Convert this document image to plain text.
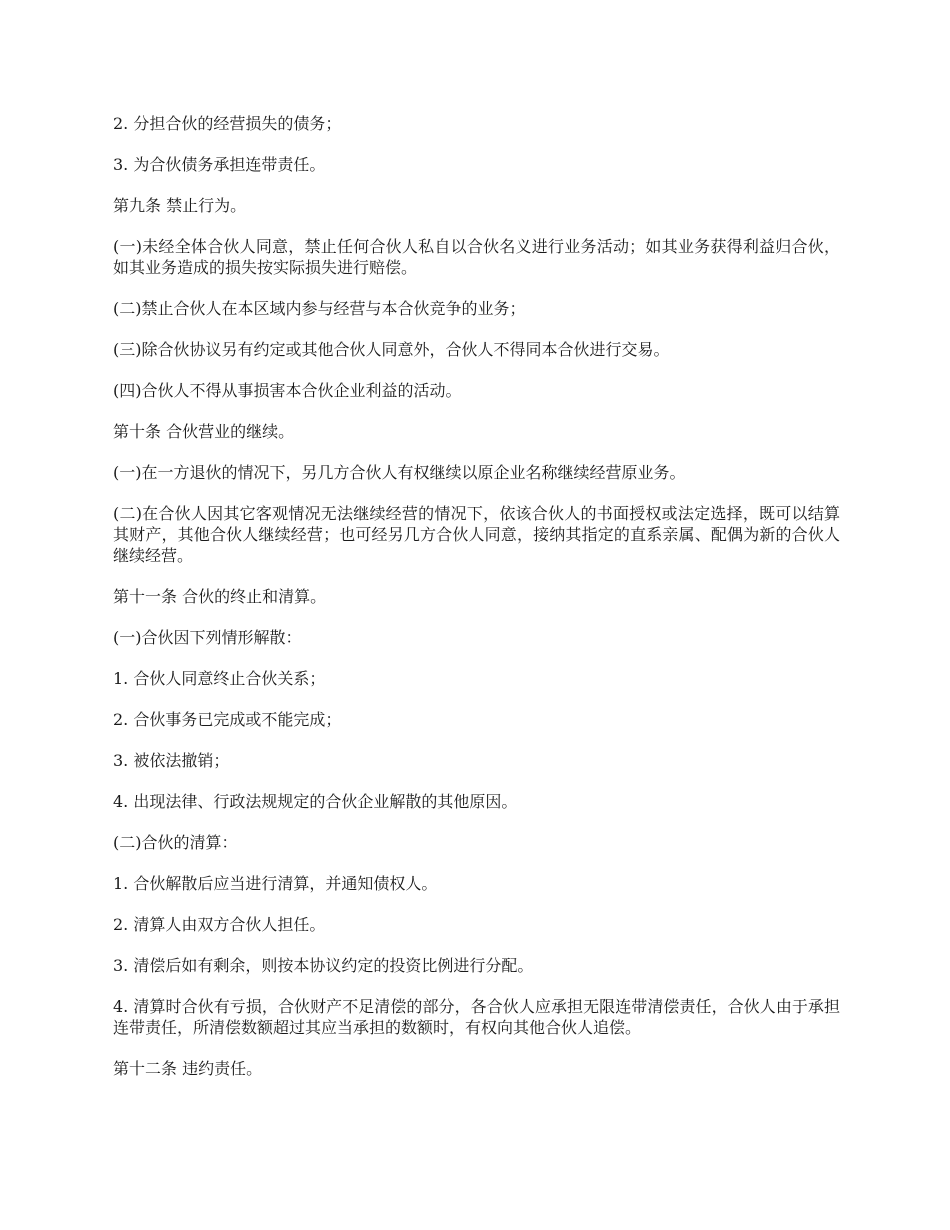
2. 分担合伙的经营损失的债务；

3. 为合伙债务承担连带责任。

第九条 禁止行为。

(一)未经全体合伙人同意，禁止任何合伙人私自以合伙名义进行业务活动；如其业务获得利益归合伙，如其业务造成的损失按实际损失进行赔偿。

(二)禁止合伙人在本区域内参与经营与本合伙竞争的业务；

(三)除合伙协议另有约定或其他合伙人同意外，合伙人不得同本合伙进行交易。

(四)合伙人不得从事损害本合伙企业利益的活动。

第十条 合伙营业的继续。

(一)在一方退伙的情况下，另几方合伙人有权继续以原企业名称继续经营原业务。

(二)在合伙人因其它客观情况无法继续经营的情况下，依该合伙人的书面授权或法定选择，既可以结算其财产，其他合伙人继续经营；也可经另几方合伙人同意，接纳其指定的直系亲属、配偶为新的合伙人继续经营。

第十一条 合伙的终止和清算。

(一)合伙因下列情形解散：

1. 合伙人同意终止合伙关系；

2. 合伙事务已完成或不能完成；

3. 被依法撤销；

4. 出现法律、行政法规规定的合伙企业解散的其他原因。

(二)合伙的清算：

1. 合伙解散后应当进行清算，并通知债权人。

2. 清算人由双方合伙人担任。

3. 清偿后如有剩余，则按本协议约定的投资比例进行分配。

4. 清算时合伙有亏损，合伙财产不足清偿的部分，各合伙人应承担无限连带清偿责任，合伙人由于承担连带责任，所清偿数额超过其应当承担的数额时，有权向其他合伙人追偿。

第十二条 违约责任。
